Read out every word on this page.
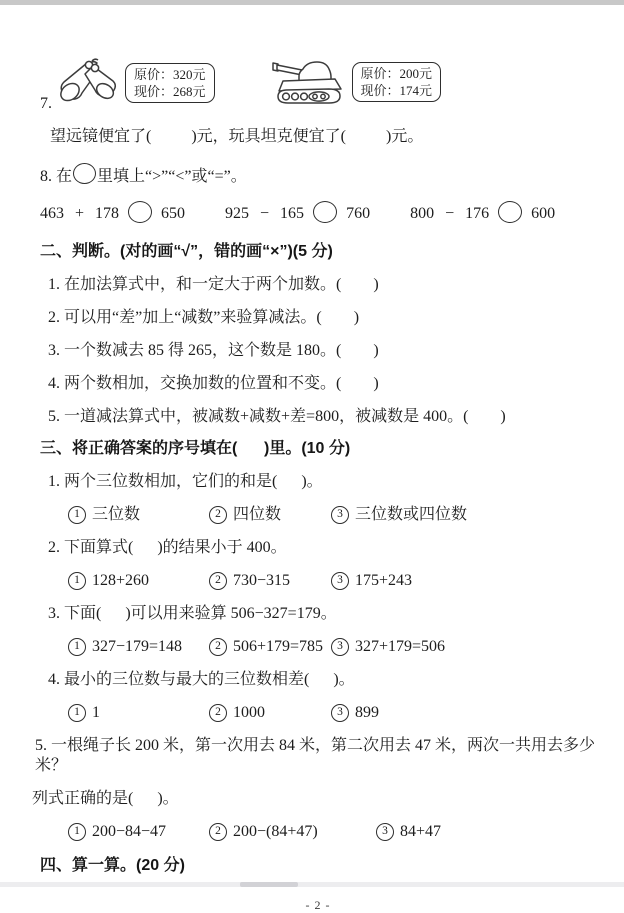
7.
原价：320元
现价：268元
原价：200元
现价：174元
望远镜便宜了(          )元，玩具坦克便宜了(          )元。
8. 在 里填上“>”“<”或“=”。
463 + 178	650	925 − 165	760	800 − 176	600
二、判断。(对的画“√”，错的画“×”)(5 分)
1. 在加法算式中，和一定大于两个加数。(        )
2. 可以用“差”加上“减数”来验算减法。(        )
3. 一个数减去 85 得 265，这个数是 180。(        )
4. 两个数相加，交换加数的位置和不变。(        )
5. 一道减法算式中，被减数+减数+差=800，被减数是 400。(        )
三、将正确答案的序号填在(      )里。(10 分)
1. 两个三位数相加，它们的和是(      )。
1 三位数	2 四位数	3 三位数或四位数
2. 下面算式(      )的结果小于 400。
1 128+260	2 730−315	3 175+243
3. 下面(      )可以用来验算 506−327=179。
1 327−179=148	2 506+179=785	3 327+179=506
4. 最小的三位数与最大的三位数相差(      )。
1 1	2 1000	3 899
5. 一根绳子长 200 米，第一次用去 84 米，第二次用去 47 米，两次一共用去多少米？
列式正确的是(      )。
1 200−84−47	2 200−(84+47)	3 84+47
四、算一算。(20 分)
- 2 -
